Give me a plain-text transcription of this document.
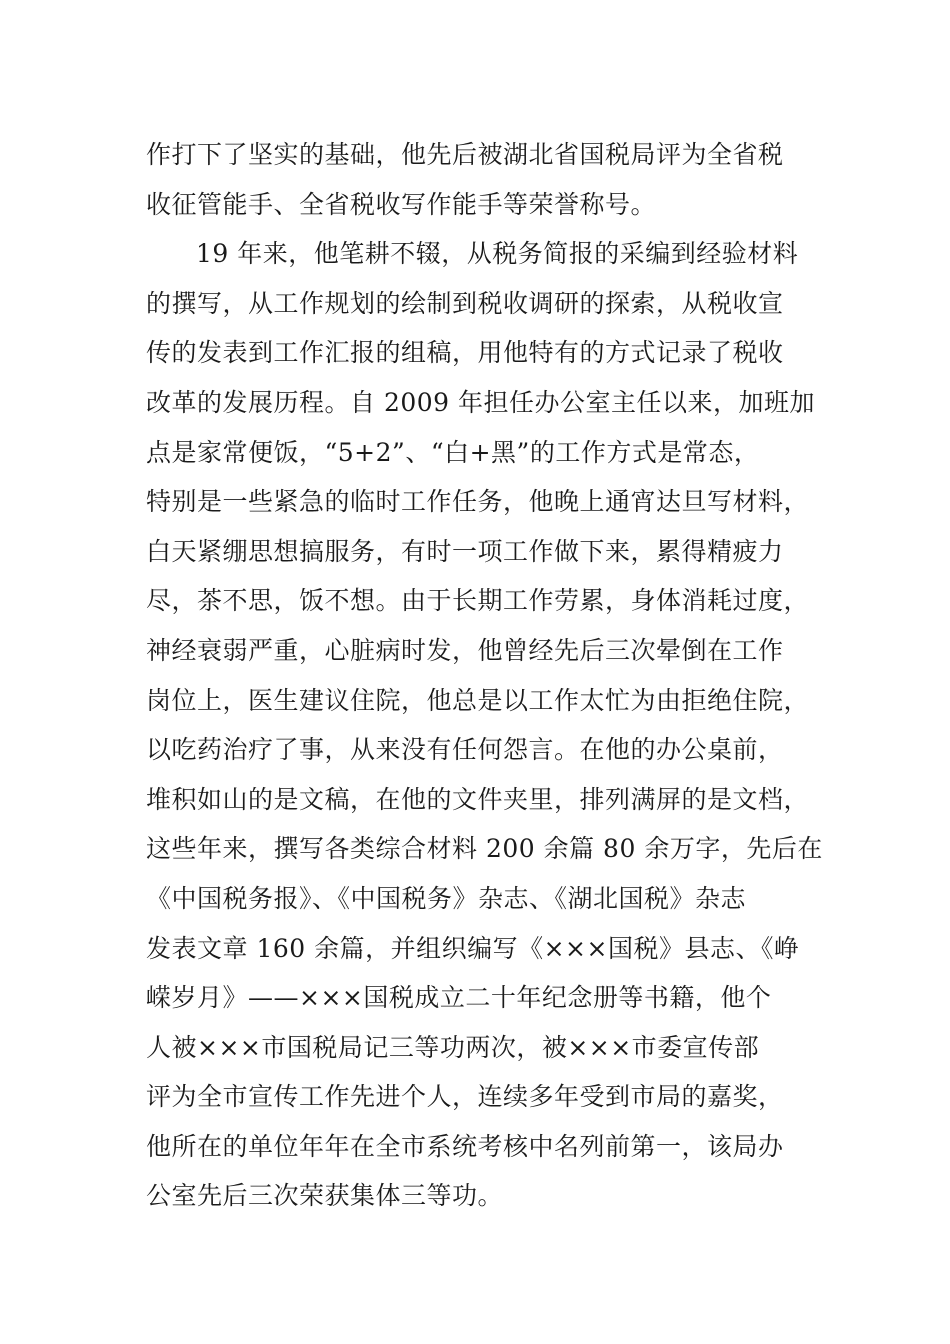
作打下了坚实的基础，他先后被湖北省国税局评为全省税
收征管能手、全省税收写作能手等荣誉称号。
19 年来，他笔耕不辍，从税务简报的采编到经验材料
的撰写，从工作规划的绘制到税收调研的探索，从税收宣
传的发表到工作汇报的组稿，用他特有的方式记录了税收
改革的发展历程。自 2009 年担任办公室主任以来，加班加
点是家常便饭，“5+2”、“白+黑”的工作方式是常态，
特别是一些紧急的临时工作任务，他晚上通宵达旦写材料，
白天紧绷思想搞服务，有时一项工作做下来，累得精疲力
尽，茶不思，饭不想。由于长期工作劳累，身体消耗过度，
神经衰弱严重，心脏病时发，他曾经先后三次晕倒在工作
岗位上，医生建议住院，他总是以工作太忙为由拒绝住院，
以吃药治疗了事，从来没有任何怨言。在他的办公桌前，
堆积如山的是文稿，在他的文件夹里，排列满屏的是文档，
这些年来，撰写各类综合材料 200 余篇 80 余万字，先后在
《中国税务报》、《中国税务》杂志、《湖北国税》杂志
发表文章 160 余篇，并组织编写《×××国税》县志、《峥
嵘岁月》——×××国税成立二十年纪念册等书籍，他个
人被×××市国税局记三等功两次，被×××市委宣传部
评为全市宣传工作先进个人，连续多年受到市局的嘉奖，
他所在的单位年年在全市系统考核中名列前第一，该局办
公室先后三次荣获集体三等功。
